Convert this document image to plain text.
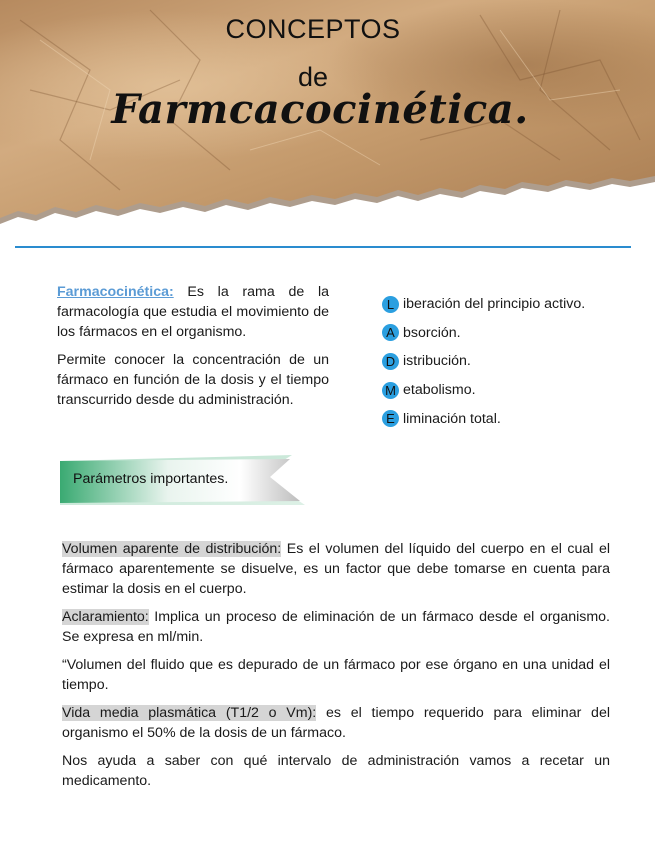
CONCEPTOS
de
Farmcacocinética.

Farmacocinética: Es la rama de la farmacología que estudia el movimiento de los fármacos en el organismo.

Permite conocer la concentración de un fármaco en función de la dosis y el tiempo transcurrido desde du administración.

L iberación del principio activo.
A bsorción.
D istribución.
M etabolismo.
E liminación total.
Parámetros importantes.

Volumen aparente de distribución: Es el volumen del líquido del cuerpo en el cual el fármaco aparentemente se disuelve, es un factor que debe tomarse en cuenta para estimar la dosis en el cuerpo.

Aclaramiento: Implica un proceso de eliminación de un fármaco desde el organismo. Se expresa en ml/min.

“Volumen del fluido que es depurado de un fármaco por ese órgano en una unidad el tiempo.

Vida media plasmática (T1/2 o Vm): es el tiempo requerido para eliminar del organismo el 50% de la dosis de un fármaco.

Nos ayuda a saber con qué intervalo de administración vamos a recetar un medicamento.
